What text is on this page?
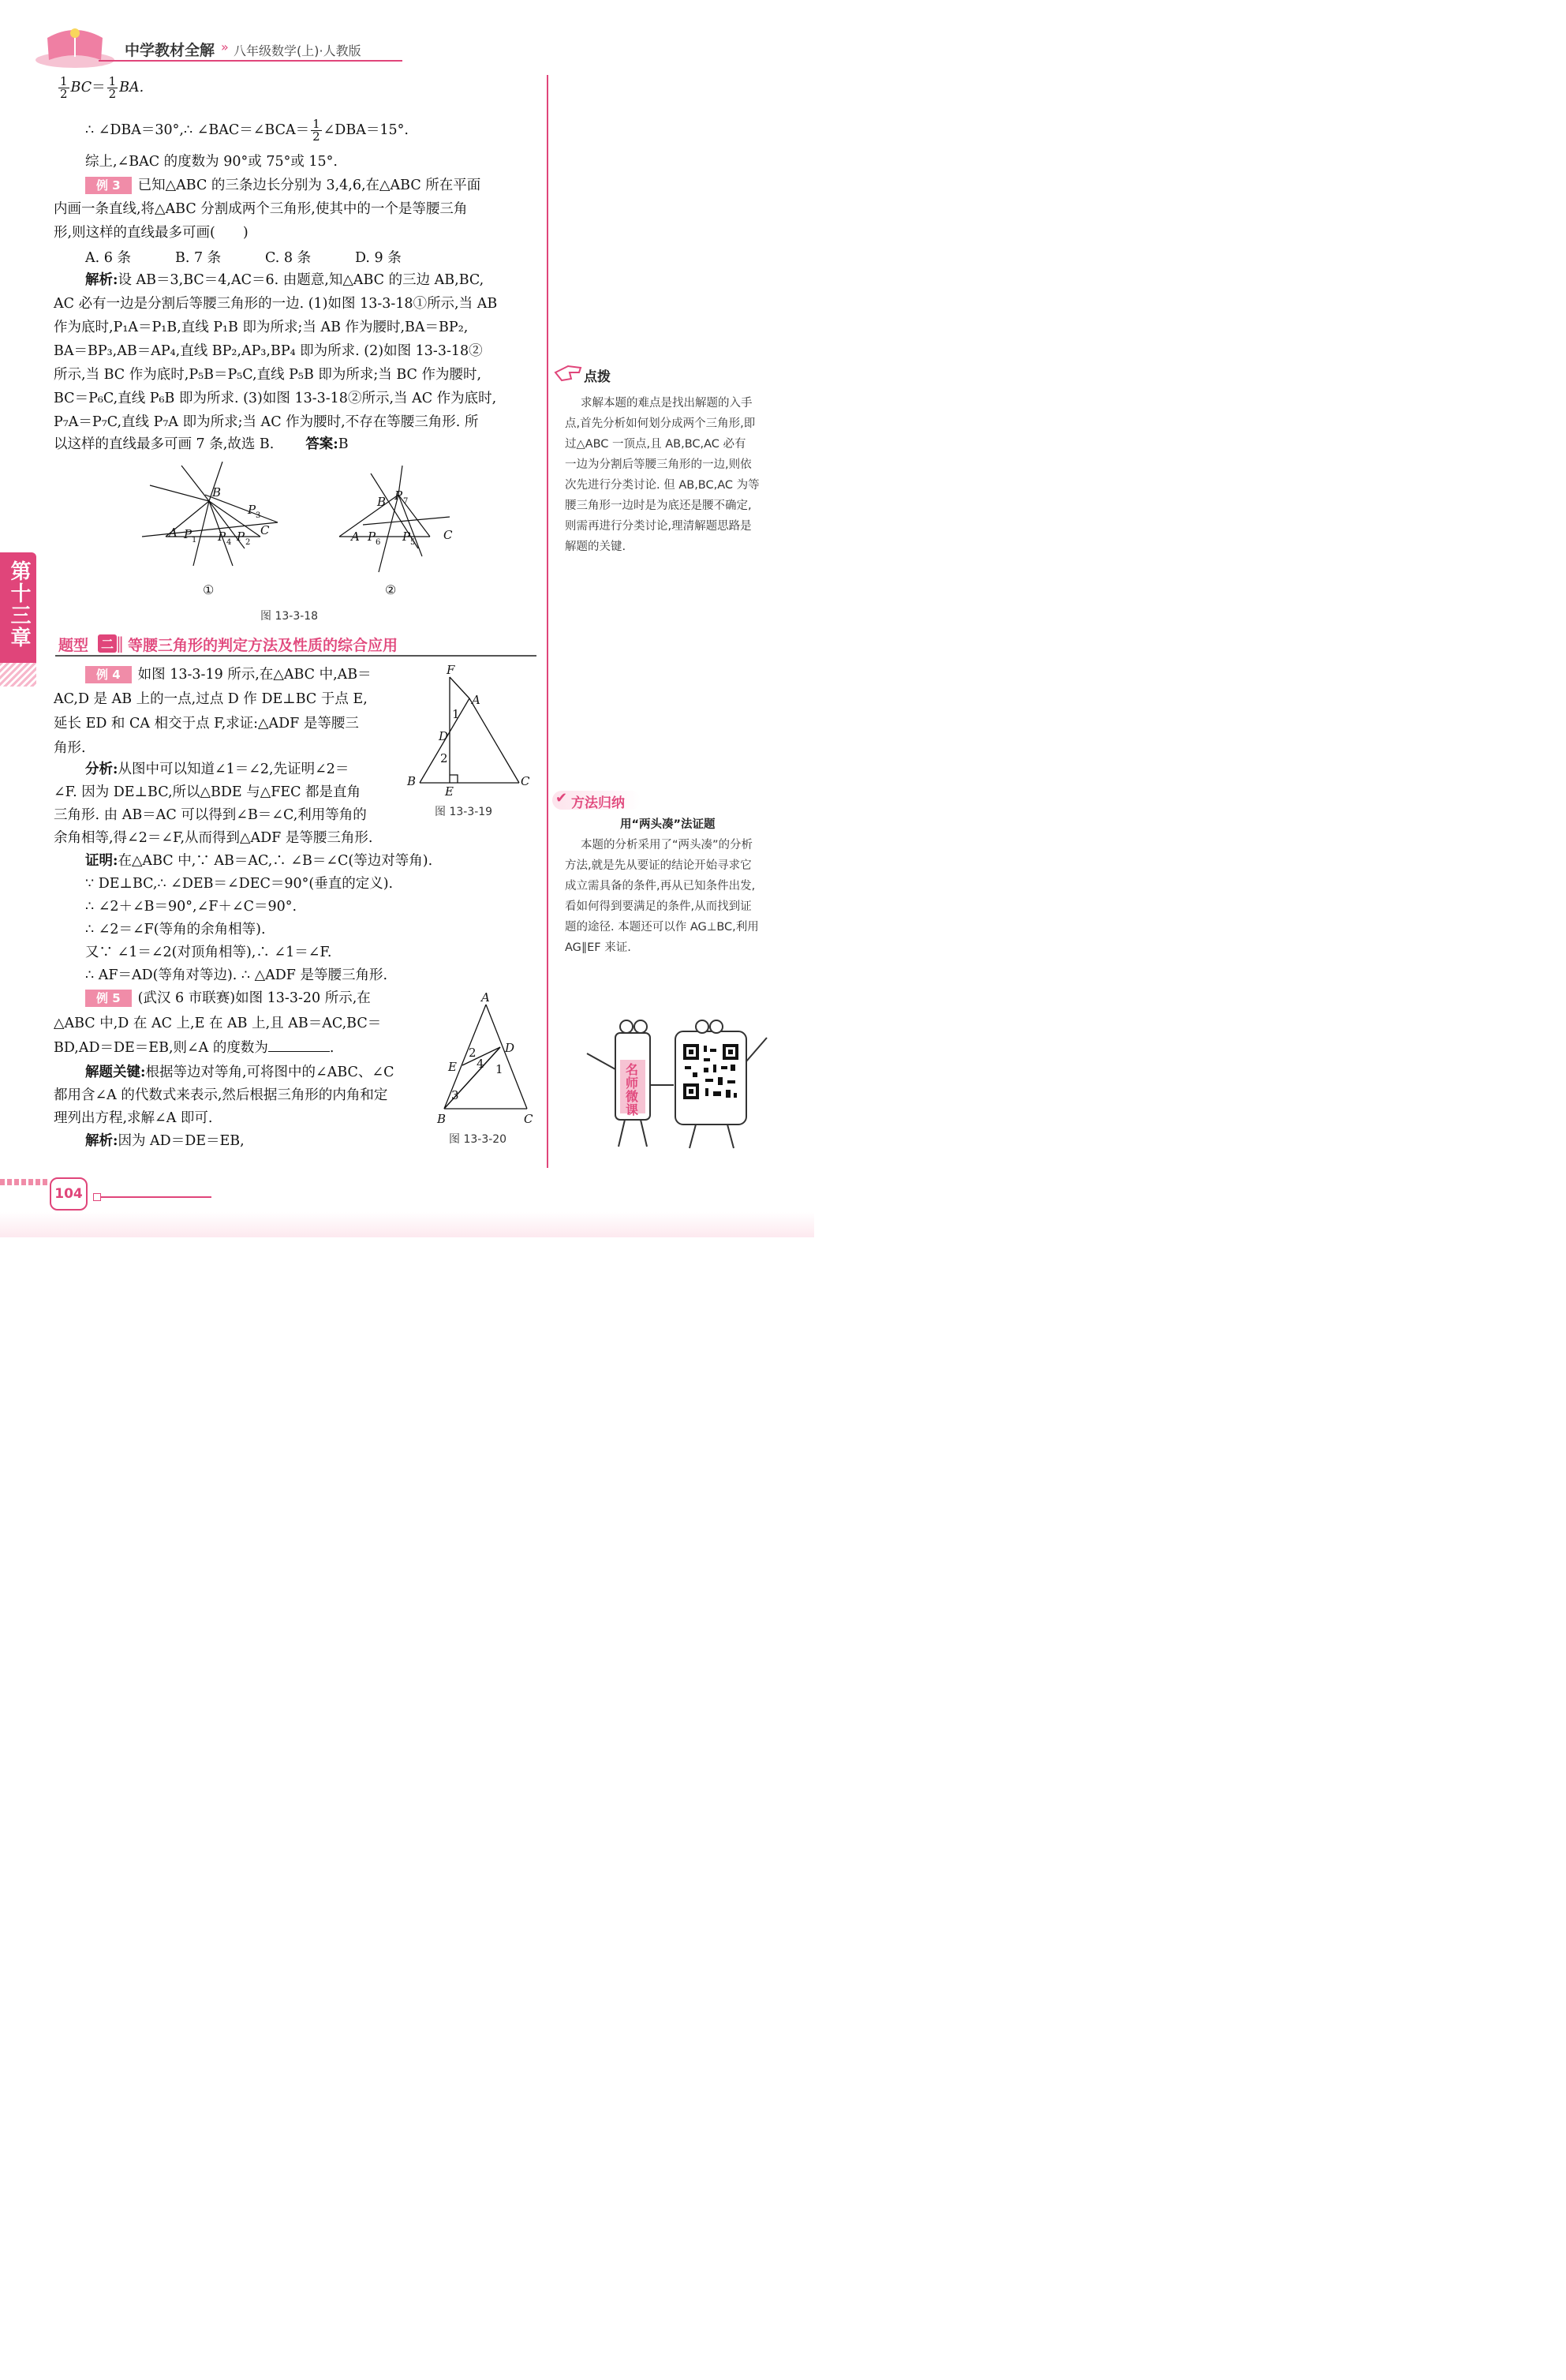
中学教材全解 » 八年级数学(上)·人教版
第十三章
$\frac{1}{2} BC= \frac{1}{2}$ BA.
∴ ∠DBA＝30°,∴ ∠BAC＝∠BCA＝ $\frac{1}{2}$ ∠DBA＝15°.
综上,∠BAC 的度数为 90°或 75°或 15°.
例 3 已知△ABC 的三条边长分别为 3,4,6,在△ABC 所在平面
内画一条直线,将△ABC 分割成两个三角形,使其中的一个是等腰三角
形,则这样的直线最多可画(　　)
A. 6 条	B. 7 条	C. 8 条	D. 9 条
解析:设 AB＝3,BC＝4,AC＝6. 由题意,知△ABC 的三边 AB,BC,
AC 必有一边是分割后等腰三角形的一边. (1)如图 13-3-18①所示,当 AB
作为底时,P₁A＝P₁B,直线 P₁B 即为所求;当 AB 作为腰时,BA＝BP₂,
BA＝BP₃,AB＝AP₄,直线 BP₂,AP₃,BP₄ 即为所求. (2)如图 13-3-18②
所示,当 BC 作为底时,P₅B＝P₅C,直线 P₅B 即为所求;当 BC 作为腰时,
BC＝P₆C,直线 P₆B 即为所求. (3)如图 13-3-18②所示,当 AC 作为底时,
P₇A＝P₇C,直线 P₇A 即为所求;当 AC 作为腰时,不存在等腰三角形. 所
以这样的直线最多可画 7 条,故选 B. 答案:B
B
P 3
A P 1 P 4 P 2
C
B P 7
A P 6 P 5
C
①	②
图 13-3-18
题型 二 ‖ 等腰三角形的判定方法及性质的综合应用
例 4 如图 13-3-19 所示,在△ABC 中,AB＝
AC,D 是 AB 上的一点,过点 D 作 DE⊥BC 于点 E,
延长 ED 和 CA 相交于点 F,求证:△ADF 是等腰三
角形.
分析:从图中可以知道∠1＝∠2,先证明∠2＝
∠F. 因为 DE⊥BC,所以△BDE 与△FEC 都是直角
三角形. 由 AB＝AC 可以得到∠B＝∠C,利用等角的
余角相等,得∠2＝∠F,从而得到△ADF 是等腰三角形.
证明:在△ABC 中,∵ AB＝AC,∴ ∠B＝∠C(等边对等角).
∵ DE⊥BC,∴ ∠DEB＝∠DEC＝90°(垂直的定义).
∴ ∠2＋∠B＝90°,∠F＋∠C＝90°.
∴ ∠2＝∠F(等角的余角相等).
又∵ ∠1＝∠2(对顶角相等),∴ ∠1＝∠F.
∴ AF＝AD(等角对等边). ∴ △ADF 是等腰三角形.
F
A
1
D
2
B
E
C
图 13-3-19
例 5 (武汉 6 市联赛)如图 13-3-20 所示,在
△ABC 中,D 在 AC 上,E 在 AB 上,且 AB＝AC,BC＝
BD,AD＝DE＝EB,则∠A 的度数为	.
解题关键:根据等边对等角,可将图中的∠ABC、∠C
都用含∠A 的代数式来表示,然后根据三角形的内角和定
理列出方程,求解∠A 即可.
解析:因为 AD＝DE＝EB,
A
D
2
E 4 1
3
B	C
图 13-3-20
点拨
求解本题的难点是找出解题的入手
点,首先分析如何划分成两个三角形,即
过△ABC 一顶点,且 AB,BC,AC 必有
一边为分割后等腰三角形的一边,则依
次先进行分类讨论. 但 AB,BC,AC 为等
腰三角形一边时是为底还是腰不确定,
则需再进行分类讨论,理清解题思路是
解题的关键.
✔ 方法归纳
用“两头凑”法证题
本题的分析采用了“两头凑”的分析
方法,就是先从要证的结论开始寻求它
成立需具备的条件,再从已知条件出发,
看如何得到要满足的条件,从而找到证
题的途径. 本题还可以作 AG⊥BC,利用
AG∥EF 来证.
名师微课
104
